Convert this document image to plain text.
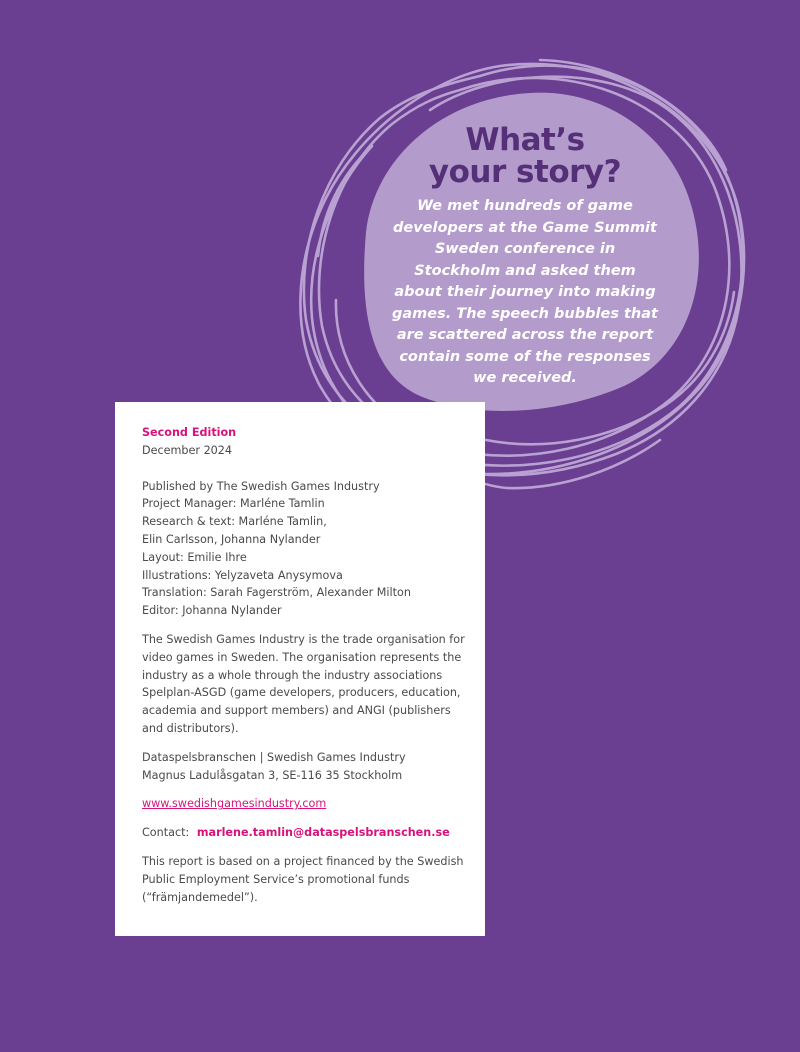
What’s
your story?

We met hundreds of game developers at the Game Summit Sweden conference in Stockholm and asked them about their journey into making games. The speech bubbles that are scattered across the report contain some of the responses we received.

Second Edition

December 2024

Published by The Swedish Games Industry
Project Manager: Marléne Tamlin
Research & text: Marléne Tamlin,
Elin Carlsson, Johanna Nylander
Layout: Emilie Ihre
Illustrations: Yelyzaveta Anysymova
Translation: Sarah Fagerström, Alexander Milton
Editor: Johanna Nylander

The Swedish Games Industry is the trade organisation for video games in Sweden. The organisation represents the industry as a whole through the industry associations Spelplan-ASGD (game developers, producers, education, academia and support members) and ANGI (publishers and distributors).

Dataspelsbranschen | Swedish Games Industry
Magnus Ladulåsgatan 3, SE-116 35 Stockholm

www.swedishgamesindustry.com

Contact: marlene.tamlin@dataspelsbranschen.se

This report is based on a project financed by the Swedish Public Employment Service’s promotional funds (“främjandemedel”).
